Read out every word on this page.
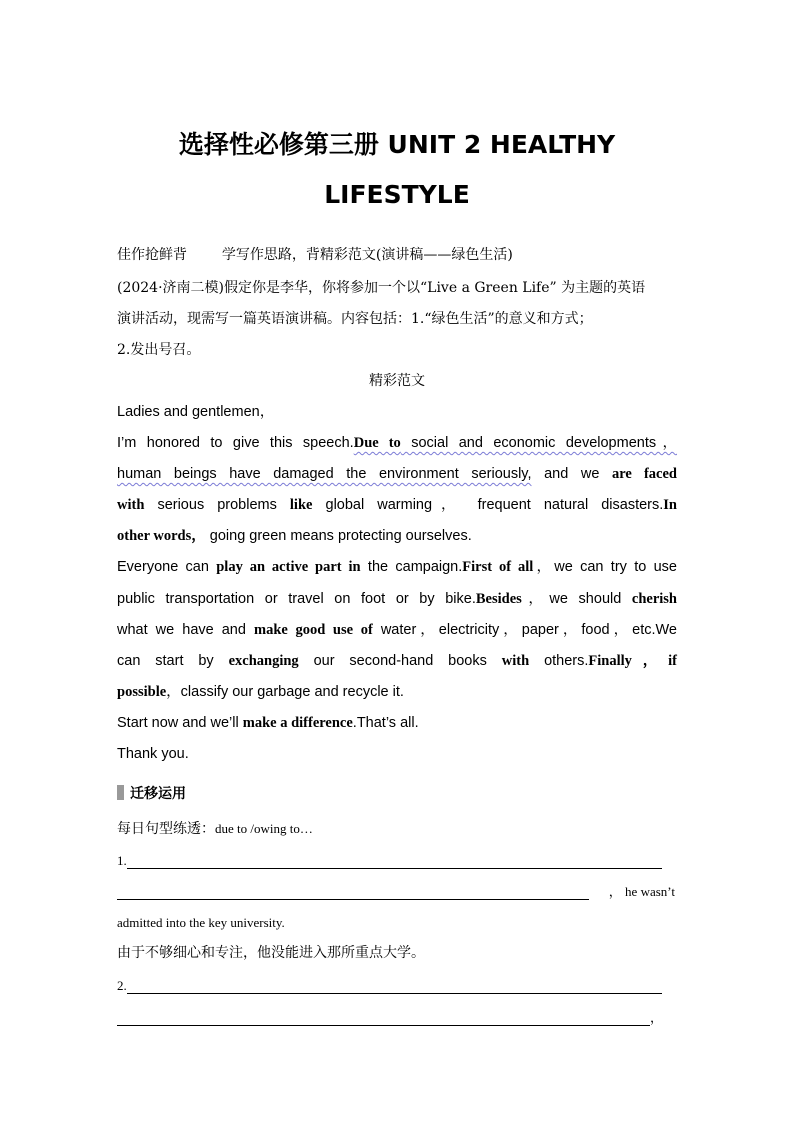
选择性必修第三册 UNIT 2 HEALTHY
LIFESTYLE
佳作抢鲜背 学写作思路，背精彩范文(演讲稿——绿色生活)
(2024·济南二模)假定你是李华，你将参加一个以“Live a Green Life” 为主题的英语
演讲活动，现需写一篇英语演讲稿。内容包括：1.“绿色生活”的意义和方式；
2.发出号召。
精彩范文
Ladies and gentlemen，
I’m honored to give this speech.Due to social and economic developments，
human beings have damaged the environment seriously, and we are faced
with serious problems like global warming， frequent natural disasters.In
other words， going green means protecting ourselves.
Everyone can play an active part in the campaign.First of all，we can try to use
public transportation or travel on foot or by bike.Besides，we should cherish
what we have and make good use of water，electricity，paper，food，etc.We
can start by exchanging our second-hand books with others.Finally，if
possible，classify our garbage and recycle it.
Start now and we’ll make a difference.That’s all.
Thank you.
迁移运用
每日句型练透：due to /owing to…
1.
， he wasn’t
admitted into the key university.
由于不够细心和专注，他没能进入那所重点大学。
2.
，
